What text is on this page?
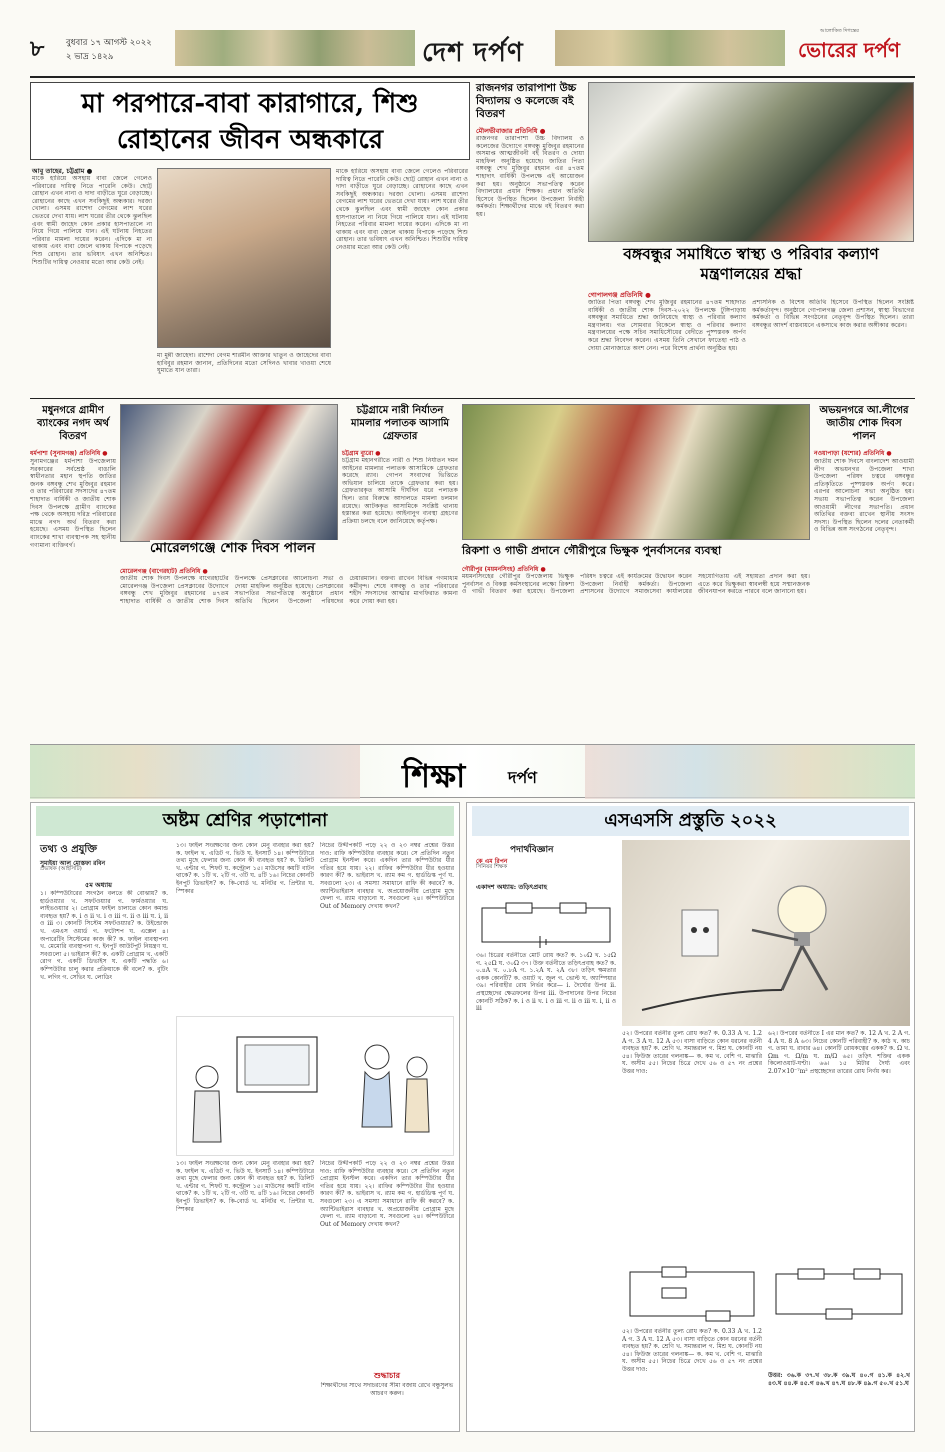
৮	বুধবার ১৭ আগস্ট ২০২২
২ ভাদ্র ১৪২৯	দেশ দর্পণ
আলোকিত দিগন্তের
ভোরের দর্পণ
মা পরপারে-বাবা কারাগারে, শিশু রোহানের জীবন অন্ধকারে
আবু তাহের, চট্টগ্রাম ●
মাকে হারিয়ে অসহায় বাবা জেলে গেলেও পরিবারের দায়িত্ব নিতে পারেনি কেউ। ছোট্ট রোহান এখন নানা ও দাদা বাড়ীতে ঘুরে বেড়াচ্ছে। রোহানের কাছে এখন সবকিছুই অন্ধকার। দরজা খোলা। এসময় রাশেদা বেগমের লাশ ঘরের ভেতরে দেখা যায়। লাশ ঘরের তীর থেকে ঝুলছিল এবং স্বামী জাহেদ কোন প্রকার হাসপাতালে না নিয়ে গিয়ে পালিয়ে যান। এই ঘটনায় নিহতের পরিবার মামলা দায়ের করেন। এদিকে মা না থাকায় এবং বাবা জেলে থাকায় বিপাকে পড়েছে শিশু রোহান। তার ভবিষ্যৎ এখন অনিশ্চিত। শিশুটির দায়িত্ব নেওয়ার মতো আর কেউ নেই।
মা মুন্নী জাহেদা। রাশেদা বেগম শারমীন আক্তার খাতুন ও জাহেদের বাবা হাবিবুর রহমান জানান, প্রতিদিনের মতো সেদিনও খাবার খাওয়া শেষে ঘুমাতে যান তারা।
মাকে হারিয়ে অসহায় বাবা জেলে গেলেও পরিবারের দায়িত্ব নিতে পারেনি কেউ। ছোট্ট রোহান এখন নানা ও দাদা বাড়ীতে ঘুরে বেড়াচ্ছে। রোহানের কাছে এখন সবকিছুই অন্ধকার। দরজা খোলা। এসময় রাশেদা বেগমের লাশ ঘরের ভেতরে দেখা যায়। লাশ ঘরের তীর থেকে ঝুলছিল এবং স্বামী জাহেদ কোন প্রকার হাসপাতালে না নিয়ে গিয়ে পালিয়ে যান। এই ঘটনায় নিহতের পরিবার মামলা দায়ের করেন। এদিকে মা না থাকায় এবং বাবা জেলে থাকায় বিপাকে পড়েছে শিশু রোহান। তার ভবিষ্যৎ এখন অনিশ্চিত। শিশুটির দায়িত্ব নেওয়ার মতো আর কেউ নেই।
রাজনগর তারাপাশা উচ্চ বিদ্যালয় ও কলেজে বই বিতরণ
মৌলভীবাজার প্রতিনিধি ●
রাজনগর তারাপাশা উচ্চ বিদ্যালয় ও কলেজের উদ্যোগে বঙ্গবন্ধু মুজিবুর রহমানের অসমাপ্ত আত্মজীবনী বই বিতরণ ও দোয়া মাহফিল অনুষ্ঠিত হয়েছে। জাতির পিতা বঙ্গবন্ধু শেখ মুজিবুর রহমান এর ৪৭তম শাহাদাৎ বার্ষিকী উপলক্ষে এই আয়োজন করা হয়। অনুষ্ঠানে সভাপতিত্ব করেন বিদ্যালয়ের প্রধান শিক্ষক। প্রধান অতিথি হিসেবে উপস্থিত ছিলেন উপজেলা নির্বাহী কর্মকর্তা। শিক্ষার্থীদের মাঝে বই বিতরণ করা হয়।
বঙ্গবন্ধুর সমাধিতে স্বাস্থ্য ও পরিবার কল্যাণ মন্ত্রণালয়ের শ্রদ্ধা
গোপালগঞ্জ প্রতিনিধি ●
জাতির পিতা বঙ্গবন্ধু শেখ মুজিবুর রহমানের ৪৭তম শাহাদাত বার্ষিকী ও জাতীয় শোক দিবস-২০২২ উপলক্ষে টুঙ্গিপাড়ায় বঙ্গবন্ধুর সমাধিতে শ্রদ্ধা জানিয়েছে স্বাস্থ্য ও পরিবার কল্যাণ মন্ত্রণালয়। গত সোমবার বিকেলে স্বাস্থ্য ও পরিবার কল্যাণ মন্ত্রণালয়ের পক্ষে সচিব সমাধিসৌধের বেদীতে পুষ্পস্তবক অর্পণ করে শ্রদ্ধা নিবেদন করেন। এসময় তিনি সেখানে ফাতেহা পাঠ ও দোয়া মোনাজাতে অংশ নেন। পরে বিশেষ প্রার্থনা অনুষ্ঠিত হয়।
প্রশাসনিক ও বিশেষ অতিথি হিসেবে উপস্থিত ছিলেন সংশ্লিষ্ট কর্মকর্তাবৃন্দ। অনুষ্ঠানে গোপালগঞ্জ জেলা প্রশাসন, স্বাস্থ্য বিভাগের কর্মকর্তা ও বিভিন্ন সংগঠনের নেতৃবৃন্দ উপস্থিত ছিলেন। তারা বঙ্গবন্ধুর আদর্শ বাস্তবায়নে একসাথে কাজ করার অঙ্গীকার করেন।
মধুনগরে গ্রামীণ ব্যাংকের নগদ অর্থ বিতরণ
ধর্মপাশা (সুনামগঞ্জ) প্রতিনিধি ●
সুনামগঞ্জের ধর্মপাশা উপজেলায় সরকারের সর্বশ্রেষ্ঠ বাঙালি স্বাধীনতার মহান স্থপতি জাতির জনক বঙ্গবন্ধু শেখ মুজিবুর রহমান ও তার পরিবারের সদস্যদের ৪৭তম শাহাদাত বার্ষিকী ও জাতীয় শোক দিবস উপলক্ষে গ্রামীণ ব্যাংকের পক্ষ থেকে অসহায় দরিদ্র পরিবারের মাঝে নগদ অর্থ বিতরণ করা হয়েছে। এসময় উপস্থিত ছিলেন ব্যাংকের শাখা ব্যবস্থাপক সহ স্থানীয় গণ্যমান্য ব্যক্তিবর্গ।	মোরেলগঞ্জে শোক দিবস পালন
মোরেলগঞ্জ (বাগেরহাট) প্রতিনিধি ●
জাতীয় শোক দিবস উপলক্ষে বাগেরহাটের মোরেলগঞ্জ উপজেলা প্রেসক্লাবের উদ্যোগে বঙ্গবন্ধু শেখ মুজিবুর রহমানের ৪৭তম শাহাদাত বার্ষিকী ও জাতীয় শোক দিবস উপলক্ষে প্রেসক্লাবের আলোচনা সভা ও দোয়া মাহফিল অনুষ্ঠিত হয়েছে। প্রেসক্লাবের সভাপতির সভাপতিত্বে অনুষ্ঠানে প্রধান অতিথি ছিলেন উপজেলা পরিষদের চেয়ারম্যান। বক্তব্য রাখেন বিভিন্ন গণমাধ্যম কর্মীবৃন্দ। শেষে বঙ্গবন্ধু ও তার পরিবারের শহীদ সদস্যদের আত্মার মাগফিরাত কামনা করে দোয়া করা হয়।
চট্টগ্রামে নারী নির্যাতন মামলার পলাতক আসামি গ্রেফতার
চট্টগ্রাম ব্যুরো ●
চট্টগ্রাম মহানগরীতে নারী ও শিশু নির্যাতন দমন আইনের মামলার পলাতক আসামিকে গ্রেফতার করেছে র‍্যাব। গোপন সংবাদের ভিত্তিতে অভিযান চালিয়ে তাকে গ্রেফতার করা হয়। গ্রেফতারকৃত আসামি দীর্ঘদিন ধরে পলাতক ছিল। তার বিরুদ্ধে আদালতে মামলা চলমান রয়েছে। আটককৃত আসামিকে সংশ্লিষ্ট থানায় হস্তান্তর করা হয়েছে। আইনানুগ ব্যবস্থা গ্রহণের প্রক্রিয়া চলছে বলে জানিয়েছে কর্তৃপক্ষ।
রিকশা ও গাভী প্রদানে গৌরীপুরে ভিক্ষুক পুনর্বাসনের ব্যবস্থা
গৌরীপুর (ময়মনসিংহ) প্রতিনিধি ●
ময়মনসিংহের গৌরীপুর উপজেলায় ভিক্ষুক পুনর্বাসন ও বিকল্প কর্মসংস্থানের লক্ষ্যে রিকশা ও গাভী বিতরণ করা হয়েছে। উপজেলা পরিষদ চত্বরে এই কার্যক্রমের উদ্বোধন করেন উপজেলা নির্বাহী কর্মকর্তা। উপজেলা প্রশাসনের উদ্যোগে সমাজসেবা কার্যালয়ের সহযোগিতায় এই সহায়তা প্রদান করা হয়। এতে করে ভিক্ষুকরা স্বাবলম্বী হয়ে সম্মানজনক জীবনযাপন করতে পারবে বলে জানানো হয়।
অভয়নগরে আ.লীগের জাতীয় শোক দিবস পালন
নওয়াপাড়া (যশোর) প্রতিনিধি ●
জাতীয় শোক দিবসে বাংলাদেশ আওয়ামী লীগ অভয়নগর উপজেলা শাখা উপজেলা পরিষদ চত্বরে বঙ্গবন্ধুর প্রতিকৃতিতে পুষ্পস্তবক অর্পণ করে। এরপর আলোচনা সভা অনুষ্ঠিত হয়। সভায় সভাপতিত্ব করেন উপজেলা আওয়ামী লীগের সভাপতি। প্রধান অতিথির বক্তব্য রাখেন স্থানীয় সংসদ সদস্য। উপস্থিত ছিলেন দলের নেতাকর্মী ও বিভিন্ন অঙ্গ সংগঠনের নেতৃবৃন্দ।
শিক্ষা	দর্পণ
অষ্টম শ্রেণির পড়াশোনা
তথ্য ও প্রযুক্তি
সুমাইয়া আল মোস্তফা রবিন
প্রভাষক (আইসিটি)
৫ম অধ্যায়
১। কম্পিউটারের সংগঠন বলতে কী বোঝায়? ক. হার্ডওয়্যার খ. সফটওয়্যার গ. ফার্মওয়্যার ঘ. লাইভওয়্যার ২। প্রোগ্রাম ফাইল চালাতে কোন কমান্ড ব্যবহৃত হয়? ক. i ও ii খ. i ও iii গ. ii ও iii ঘ. i, ii ও iii ৩। কোনটি সিস্টেম সফটওয়্যার? ক. উইন্ডোজ খ. এমএস ওয়ার্ড গ. ফটোশপ ঘ. এক্সেল ৪। অপারেটিং সিস্টেমের কাজ কী? ক. ফাইল ব্যবস্থাপনা খ. মেমোরি ব্যবস্থাপনা গ. ইনপুট আউটপুট নিয়ন্ত্রণ ঘ. সবগুলো ৫। ভাইরাস কী? ক. একটি প্রোগ্রাম খ. একটি রোগ গ. একটি ডিভাইস ঘ. একটি পদ্ধতি ৬। কম্পিউটার চালু করার প্রক্রিয়াকে কী বলে? ক. বুটিং খ. লগিং গ. সেভিং ঘ. লোডিং
১৩। ফাইল সংরক্ষণের জন্য কোন মেনু ব্যবহার করা হয়? ক. ফাইল খ. এডিট গ. ভিউ ঘ. ইনসার্ট ১৪। কম্পিউটারে তথ্য মুছে ফেলার জন্য কোন কী ব্যবহৃত হয়? ক. ডিলিট খ. এন্টার গ. শিফট ঘ. কন্ট্রোল ১৫। মাউসের কয়টি বাটন থাকে? ক. ১টি খ. ২টি গ. ৩টি ঘ. ৪টি ১৬। নিচের কোনটি ইনপুট ডিভাইস? ক. কি-বোর্ড খ. মনিটর গ. প্রিন্টার ঘ. স্পিকার
নিচের উদ্দীপকটি পড়ে ২২ ও ২৩ নম্বর প্রশ্নের উত্তর দাও: রাফি কম্পিউটার ব্যবহার করে। সে প্রতিদিন নতুন প্রোগ্রাম ইনস্টল করে। একদিন তার কম্পিউটার ধীর গতির হয়ে যায়। ২২। রাফির কম্পিউটার ধীর হওয়ার কারণ কী? ক. ভাইরাস খ. র‍্যাম কম গ. হার্ডডিস্ক পূর্ণ ঘ. সবগুলো ২৩। এ সমস্যা সমাধানে রাফি কী করবে? ক. অ্যান্টিভাইরাস ব্যবহার খ. অপ্রয়োজনীয় প্রোগ্রাম মুছে ফেলা গ. র‍্যাম বাড়ানো ঘ. সবগুলো ২৪। কম্পিউটারে Out of Memory দেখায় কখন?
১৩। ফাইল সংরক্ষণের জন্য কোন মেনু ব্যবহার করা হয়? ক. ফাইল খ. এডিট গ. ভিউ ঘ. ইনসার্ট ১৪। কম্পিউটারে তথ্য মুছে ফেলার জন্য কোন কী ব্যবহৃত হয়? ক. ডিলিট খ. এন্টার গ. শিফট ঘ. কন্ট্রোল ১৫। মাউসের কয়টি বাটন থাকে? ক. ১টি খ. ২টি গ. ৩টি ঘ. ৪টি ১৬। নিচের কোনটি ইনপুট ডিভাইস? ক. কি-বোর্ড খ. মনিটর গ. প্রিন্টার ঘ. স্পিকার
নিচের উদ্দীপকটি পড়ে ২২ ও ২৩ নম্বর প্রশ্নের উত্তর দাও: রাফি কম্পিউটার ব্যবহার করে। সে প্রতিদিন নতুন প্রোগ্রাম ইনস্টল করে। একদিন তার কম্পিউটার ধীর গতির হয়ে যায়। ২২। রাফির কম্পিউটার ধীর হওয়ার কারণ কী? ক. ভাইরাস খ. র‍্যাম কম গ. হার্ডডিস্ক পূর্ণ ঘ. সবগুলো ২৩। এ সমস্যা সমাধানে রাফি কী করবে? ক. অ্যান্টিভাইরাস ব্যবহার খ. অপ্রয়োজনীয় প্রোগ্রাম মুছে ফেলা গ. র‍্যাম বাড়ানো ঘ. সবগুলো ২৪। কম্পিউটারে Out of Memory দেখায় কখন?
শুদ্ধাচার
শিক্ষার্থীদের সাথে সদাচরণের সীমা বজায় রেখে বন্ধুসুলভ আচরণ করুন।
এসএসসি প্রস্তুতি ২০২২
পদার্থবিজ্ঞান
কে এম রিপন
সিনিয়র শিক্ষক
একাদশ অধ্যায়: তড়িৎপ্রবাহ
৩৬। চিত্রের বর্তনীতে মোট রোধ কত? ক. ১০Ω খ. ১৫Ω গ. ২৫Ω ঘ. ৩০Ω ৩৭। উক্ত বর্তনীতে তড়িৎপ্রবাহ কত? ক. ০.৪A খ. ০.৮A গ. ১.২A ঘ. ২A ৩৮। তড়িৎ ক্ষমতার একক কোনটি? ক. ওয়াট খ. জুল গ. ভোল্ট ঘ. অ্যাম্পিয়ার ৩৯। পরিবাহীর রোধ নির্ভর করে— i. দৈর্ঘ্যের উপর ii. প্রস্থচ্ছেদের ক্ষেত্রফলের উপর iii. উপাদানের উপর নিচের কোনটি সঠিক? ক. i ও ii খ. i ও iii গ. ii ও iii ঘ. i, ii ও iii
৫২। উপরের বর্তনীর তুল্য রোধ কত? ক. 0.33 A খ. 1.2 A গ. 3 A ঘ. 12 A ৫৩। বাসা বাড়িতে কোন ধরনের বর্তনী ব্যবহৃত হয়? ক. শ্রেণি খ. সমান্তরাল গ. মিশ্র ঘ. কোনটি নয় ৫৪। ফিউজ তারের গলনাঙ্ক— ক. কম খ. বেশি গ. মাঝারি ঘ. অসীম ৫৫। নিচের চিত্রে দেখে ৫৬ ও ৫৭ নং প্রশ্নের উত্তর দাও:
৬২। উপরের বর্তনীতে I এর মান কত? ক. 12 A খ. 2 A গ. 4 A ঘ. 8 A ৬৩। নিচের কোনটি পরিবাহী? ক. কাঠ খ. কাচ গ. তামা ঘ. রাবার ৬৪। কোনটি রোধকত্বের একক? ক. Ω খ. Ωm গ. Ω/m ঘ. m/Ω ৬৫। তড়িৎ শক্তির একক কিলোওয়াট-ঘণ্টা। ৬৬। ১৫ মিটার দৈর্ঘ্য এবং 2.07×10⁻⁷m² প্রস্থচ্ছেদের তারের রোধ নির্ণয় কর।
৫২। উপরের বর্তনীর তুল্য রোধ কত? ক. 0.33 A খ. 1.2 A গ. 3 A ঘ. 12 A ৫৩। বাসা বাড়িতে কোন ধরনের বর্তনী ব্যবহৃত হয়? ক. শ্রেণি খ. সমান্তরাল গ. মিশ্র ঘ. কোনটি নয় ৫৪। ফিউজ তারের গলনাঙ্ক— ক. কম খ. বেশি গ. মাঝারি ঘ. অসীম ৫৫। নিচের চিত্রে দেখে ৫৬ ও ৫৭ নং প্রশ্নের উত্তর দাও:
উত্তর: ৩৬.ক ৩৭.খ ৩৮.ক ৩৯.ঘ ৪০.গ ৪১.ক ৪২.খ ৪৩.ঘ ৪৪.ক ৪৫.গ ৪৬.খ ৪৭.ঘ ৪৮.ক ৪৯.গ ৫০.খ ৫১.ঘ
